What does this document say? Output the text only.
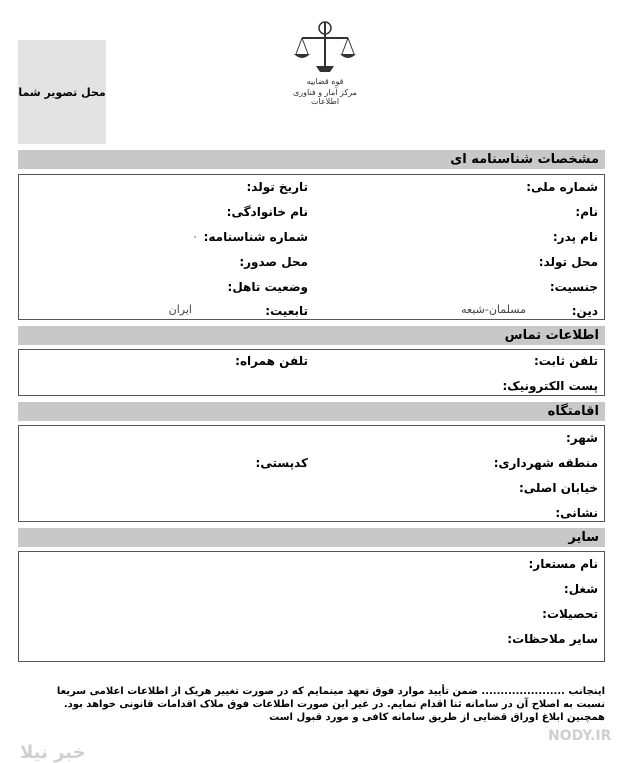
محل تصویر شما
قوه قضاییه
مرکز آمار و فناوری اطلاعات
مشخصات شناسنامه ای
شماره ملی:
تاریخ تولد:
نام:
نام خانوادگی:
نام پدر:
شماره شناسنامه:
۰
محل تولد:
محل صدور:
جنسیت:
وضعیت تاهل:
دین:
مسلمان-شیعه
تابعیت:
ایران
اطلاعات تماس
تلفن ثابت:
تلفن همراه:
پست الکترونیک:
اقامتگاه
شهر:
منطقه شهرداری:
کدپستی:
خیابان اصلی:
نشانی:
سایر
نام مستعار:
شغل:
تحصیلات:
سایر ملاحظات:
اینجانب ...................... ضمن تأیید موارد فوق تعهد مینمایم که در صورت تغییر هریک از اطلاعات اعلامی سریعا
نسبت به اصلاح آن در سامانه ثنا اقدام نمایم. در غیر این صورت اطلاعات فوق ملاک اقدامات قانونی خواهد بود.
همچنین ابلاغ اوراق قضایی از طریق سامانه کافی و مورد قبول است
خبر نیلا
NODY.IR
